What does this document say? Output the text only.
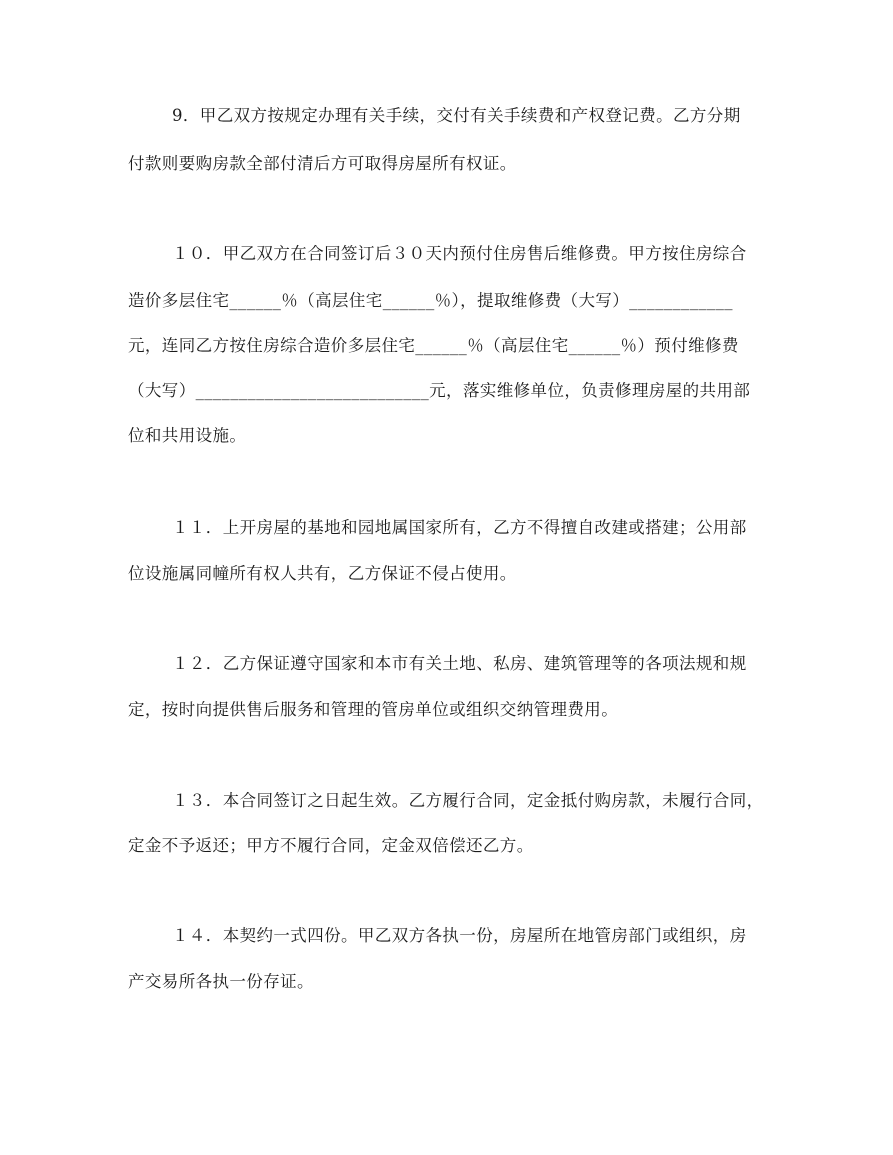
9．甲乙双方按规定办理有关手续，交付有关手续费和产权登记费。乙方分期
付款则要购房款全部付清后方可取得房屋所有权证。
１０．甲乙双方在合同签订后３０天内预付住房售后维修费。甲方按住房综合
造价多层住宅______％（高层住宅______％），提取维修费（大写）____________
元，连同乙方按住房综合造价多层住宅______％（高层住宅______％）预付维修费
（大写）___________________________元，落实维修单位，负责修理房屋的共用部
位和共用设施。
１１．上开房屋的基地和园地属国家所有，乙方不得擅自改建或搭建；公用部
位设施属同幢所有权人共有，乙方保证不侵占使用。
１２．乙方保证遵守国家和本市有关土地、私房、建筑管理等的各项法规和规
定，按时向提供售后服务和管理的管房单位或组织交纳管理费用。
１３．本合同签订之日起生效。乙方履行合同，定金抵付购房款，未履行合同，
定金不予返还；甲方不履行合同，定金双倍偿还乙方。
１４．本契约一式四份。甲乙双方各执一份，房屋所在地管房部门或组织，房
产交易所各执一份存证。
